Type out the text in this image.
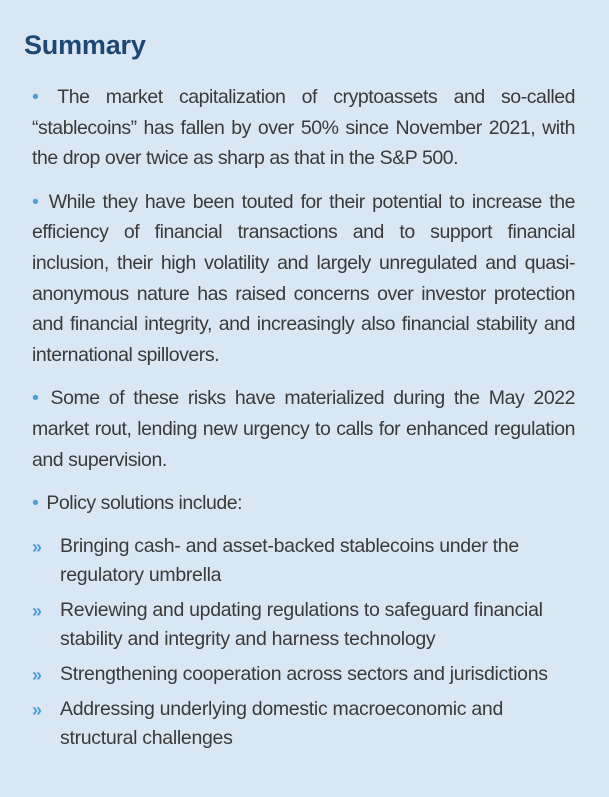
Summary

• The market capitalization of cryptoassets and so-called “stablecoins” has fallen by over 50% since November 2021, with the drop over twice as sharp as that in the S&P 500.

• While they have been touted for their potential to increase the efficiency of financial transactions and to support financial inclusion, their high volatility and largely unregulated and quasi-anonymous nature has raised concerns over investor protection and financial integrity, and increasingly also financial stability and international spillovers.

• Some of these risks have materialized during the May 2022 market rout, lending new urgency to calls for enhanced regulation and supervision.

• Policy solutions include:

» Bringing cash- and asset-backed stablecoins under the regulatory umbrella
» Reviewing and updating regulations to safeguard financial stability and integrity and harness technology
» Strengthening cooperation across sectors and jurisdictions
» Addressing underlying domestic macroeconomic and structural challenges
